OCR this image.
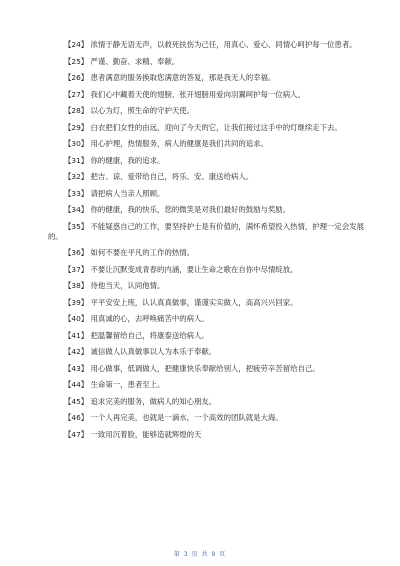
【24】 浓情于静无语无声，以救死扶伤为己任，用真心、爱心、同情心呵护每一位患者。

【25】 严谨、勤奋、求精、奉献。

【26】 患者满意的服务换取您满意的答复，那是我无人的幸福。

【27】 我们心中藏着天使的翅膀，张开翅膀用爱向羽翼呵护每一位病人。

【28】 以心为灯，照生命的守护天使。

【29】 白衣把们女性的由远，迎向了今天的它，让我们接过这手中的灯继续走下去。

【30】 用心护理，热情服务，病人的健康是我们共同的追求。

【31】 你的健康，我的追求。

【32】 把吉、谅、爱带给自己，将乐、安、康送给病人。

【33】 请把病人当亲人照顾。

【34】 你的健康，我的快乐，您的微笑是对我们最好的鼓励与奖励。

【35】 不能疑惑自己的工作，要坚持护士是有价值的，满怀希望投入热情，护理一定会发展的。

【36】 如何不要在平凡的工作的热情。

【37】 不要让沉默变成青春的内涵，要让生命之歌在自你中尽情绽放。

【38】 待他当天，认同他情。

【39】 平平安安上班，认认真真做事，谨谨实实做人，高高兴兴回家。

【40】 用真诚的心，去呼唤痛苦中的病人。

【41】 把温馨留给自己，将康泰送给病人。

【42】 诚信做人认真做事以人为本乐于奉献。

【43】 用心做事，低调做人，把健康快乐奉献给别人，把疲劳辛苦留给自己。

【44】 生命第一，患者至上。

【45】 追求完美的服务，做病人的知心朋友。

【46】 一个人再完美，也就是一滴水，一个高效的团队就是大海。

【47】 一致用沉着脸，能够造就辉煌的天

第 3 页 共 9 页
